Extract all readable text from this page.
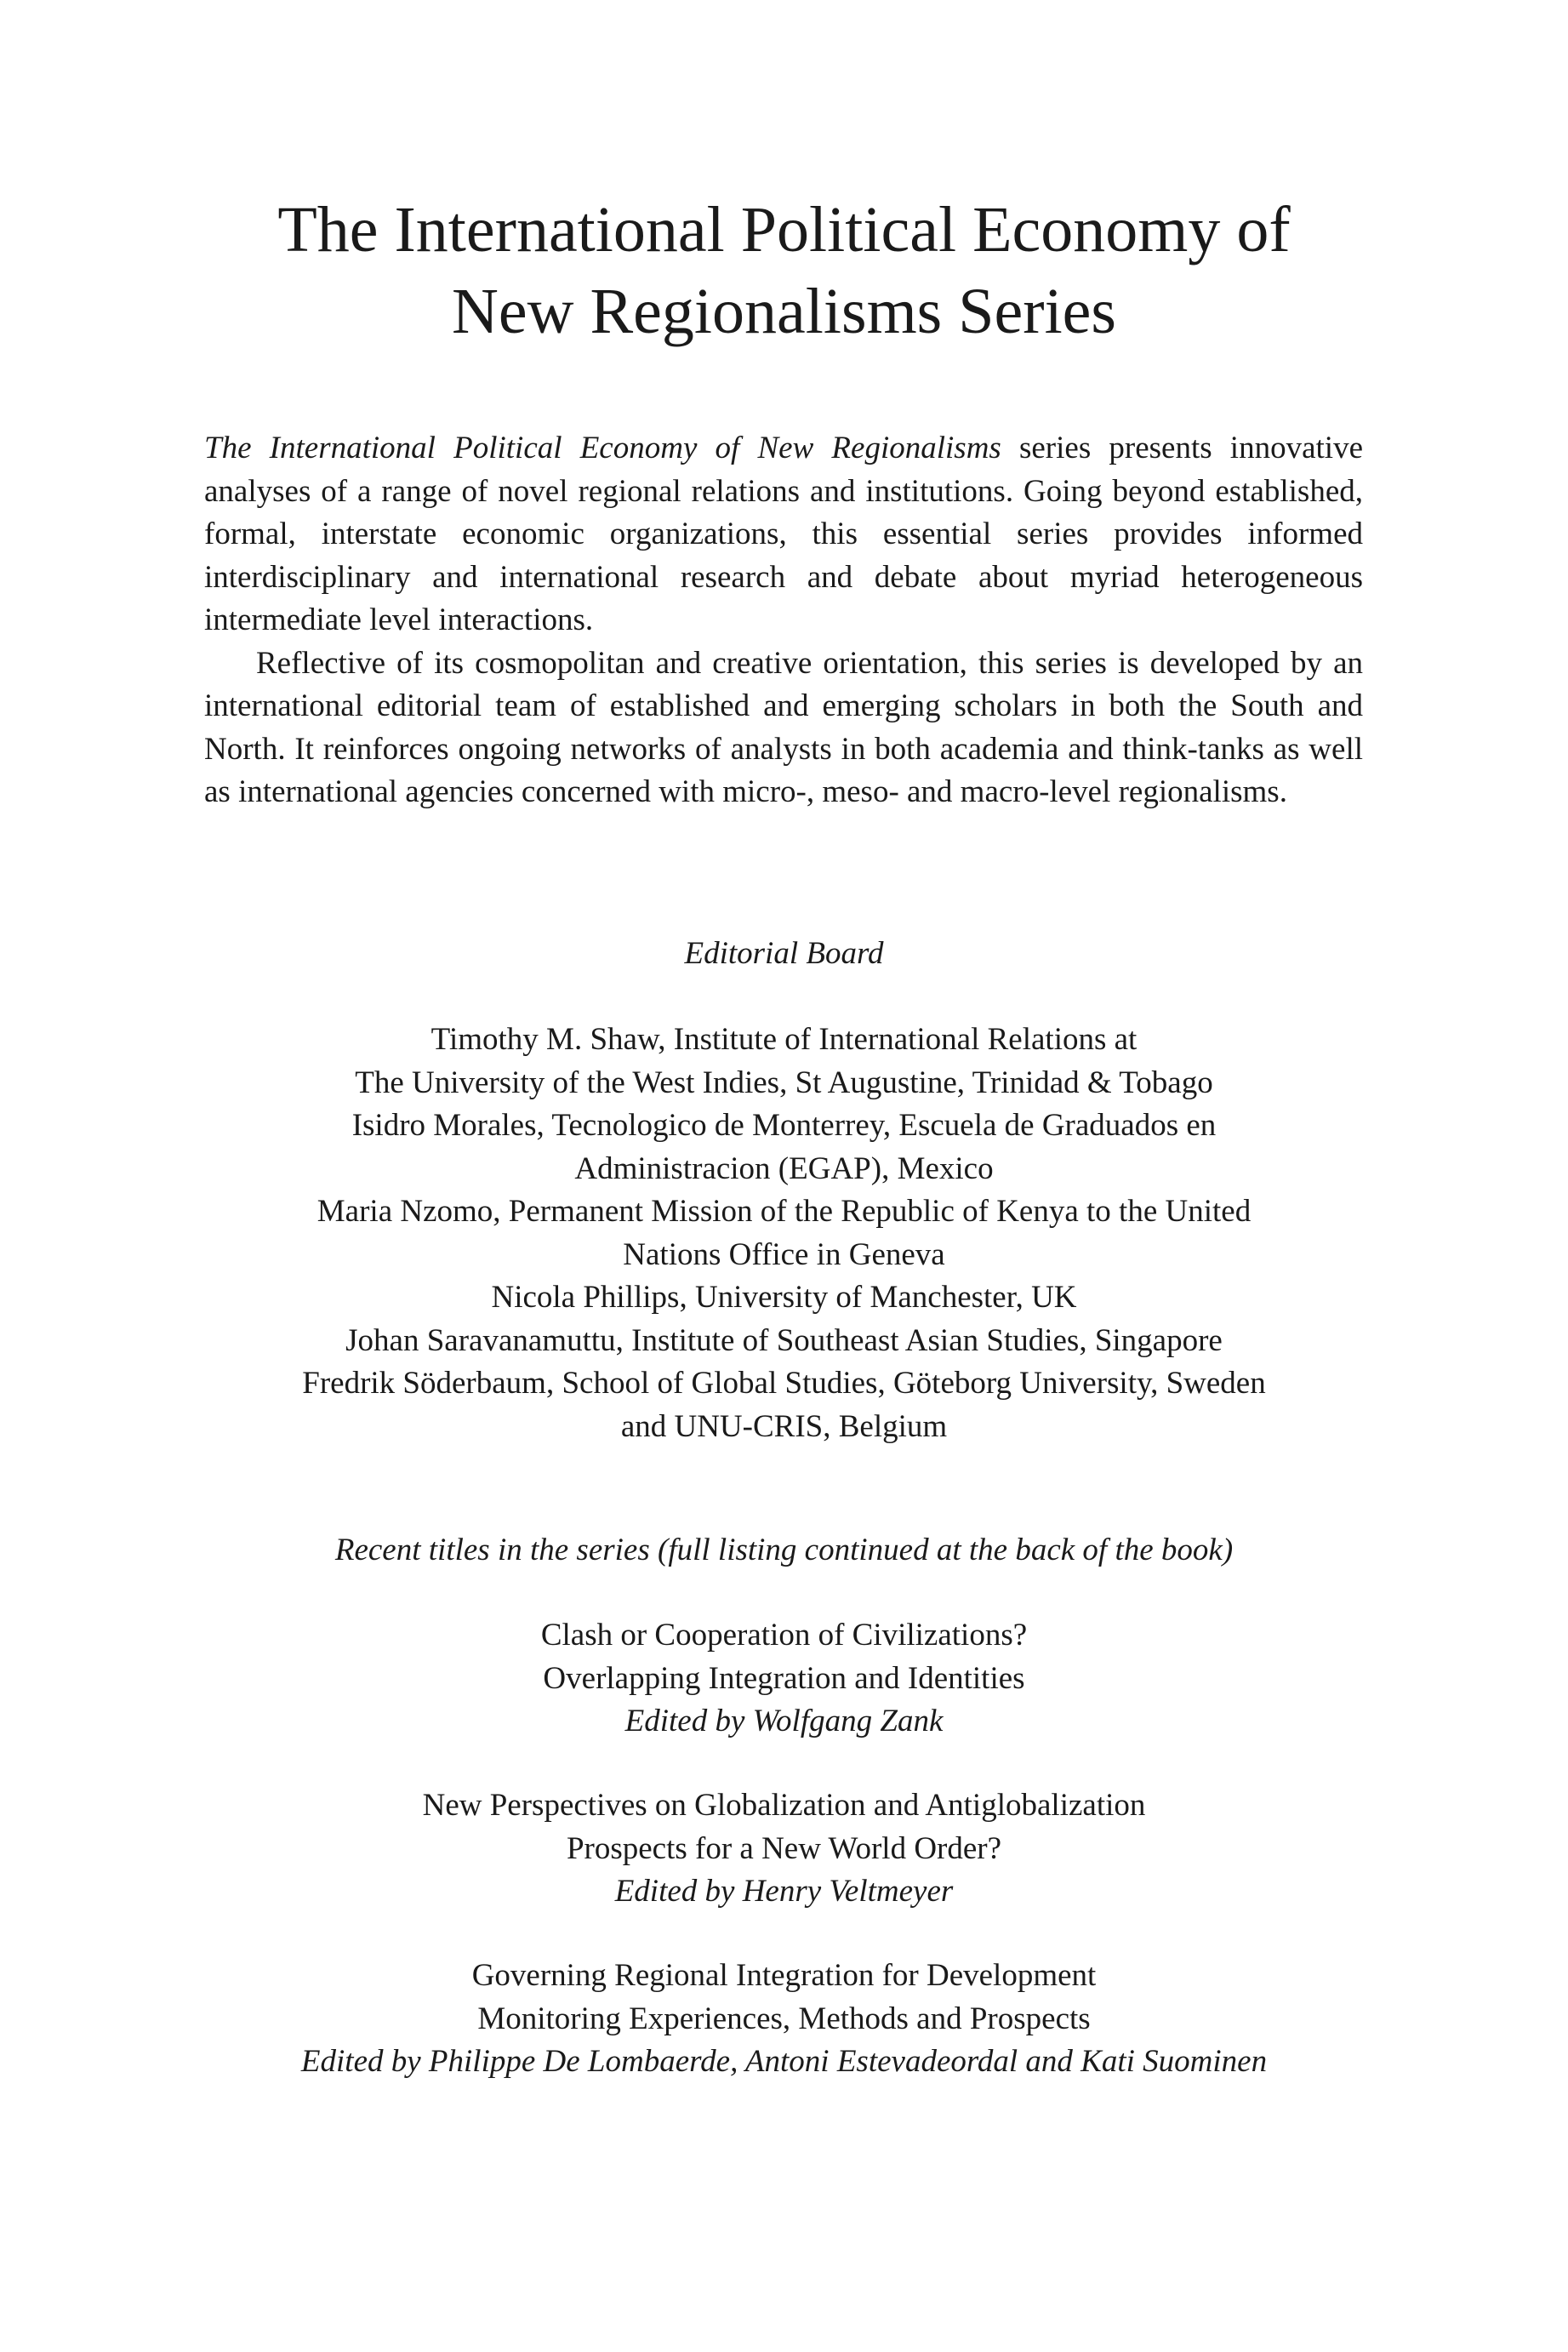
The International Political Economy of
New Regionalisms Series

The International Political Economy of New Regionalisms series presents innovative analyses of a range of novel regional relations and institutions. Going beyond established, formal, interstate economic organizations, this essential series provides informed interdisciplinary and international research and debate about myriad heterogeneous intermediate level interactions.

Reflective of its cosmopolitan and creative orientation, this series is developed by an international editorial team of established and emerging scholars in both the South and North. It reinforces ongoing networks of analysts in both academia and think-tanks as well as international agencies concerned with micro-, meso- and macro-level regionalisms.

Editorial Board
Timothy M. Shaw, Institute of International Relations at
The University of the West Indies, St Augustine, Trinidad & Tobago
Isidro Morales, Tecnologico de Monterrey, Escuela de Graduados en
Administracion (EGAP), Mexico
Maria Nzomo, Permanent Mission of the Republic of Kenya to the United
Nations Office in Geneva
Nicola Phillips, University of Manchester, UK
Johan Saravanamuttu, Institute of Southeast Asian Studies, Singapore
Fredrik Söderbaum, School of Global Studies, Göteborg University, Sweden
and UNU-CRIS, Belgium
Recent titles in the series (full listing continued at the back of the book)
Clash or Cooperation of Civilizations?
Overlapping Integration and Identities
Edited by Wolfgang Zank
New Perspectives on Globalization and Antiglobalization
Prospects for a New World Order?
Edited by Henry Veltmeyer
Governing Regional Integration for Development
Monitoring Experiences, Methods and Prospects
Edited by Philippe De Lombaerde, Antoni Estevadeordal and Kati Suominen
